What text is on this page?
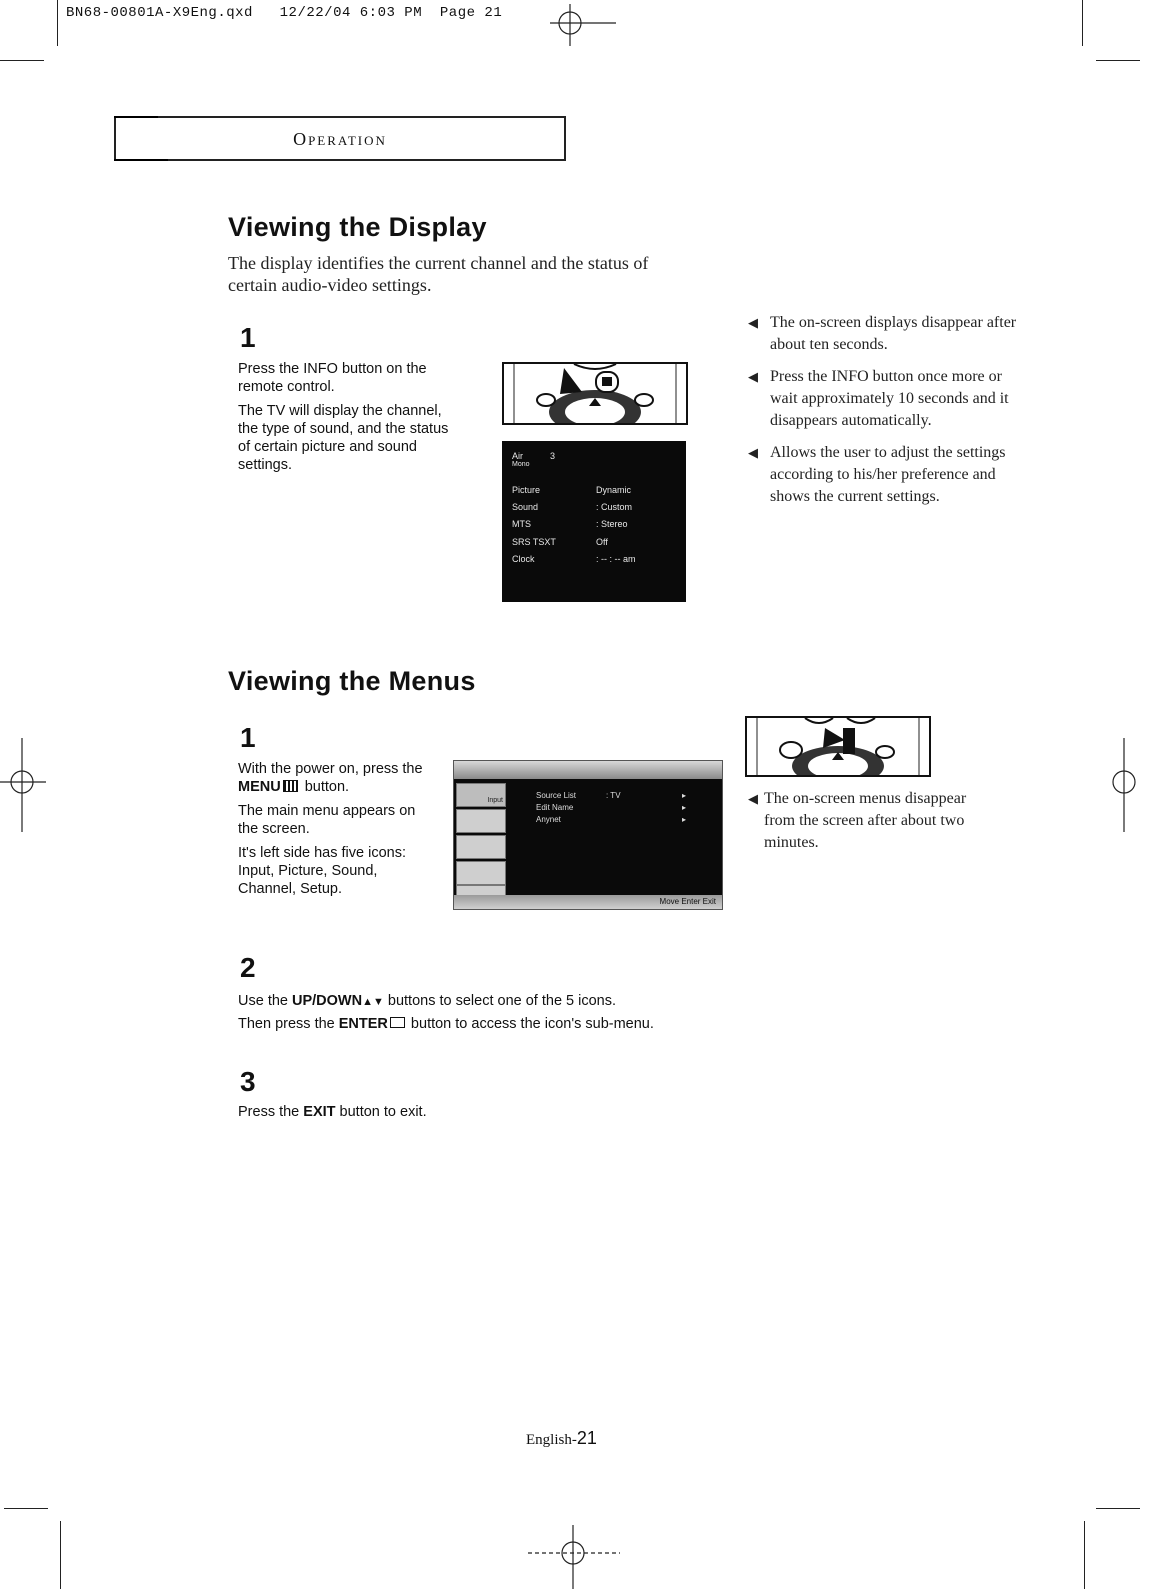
BN68-00801A-X9Eng.qxd 12/22/04 6:03 PM Page 21
Operation
Viewing the Display
The display identifies the current channel and the status of certain audio-video settings.
1

Press the INFO button on the remote control.

The TV will display the channel, the type of sound, and the status of certain picture and sound settings.

Air	3
Mono
Picture	Dynamic
Sound	: Custom
MTS	: Stereo
SRS TSXT	Off
Clock	: -- : -- am
◀ The on-screen displays disappear after about ten seconds.
◀ Press the INFO button once more or wait approximately 10 seconds and it disappears automatically.
◀ Allows the user to adjust the settings according to his/her preference and shows the current settings.
Viewing the Menus
1

With the power on, press the MENU button.

The main menu appears on the screen.

It's left side has five icons: Input, Picture, Sound, Channel, Setup.

Input
Source List	: TV	▸
Edit Name	▸
Anynet	▸
Move Enter Exit
◀ The on-screen menus disappear from the screen after about two minutes.
2
Use the UP/DOWN▲▼ buttons to select one of the 5 icons.
Then press the ENTER button to access the icon's sub-menu.
3
Press the EXIT button to exit.
English-21
